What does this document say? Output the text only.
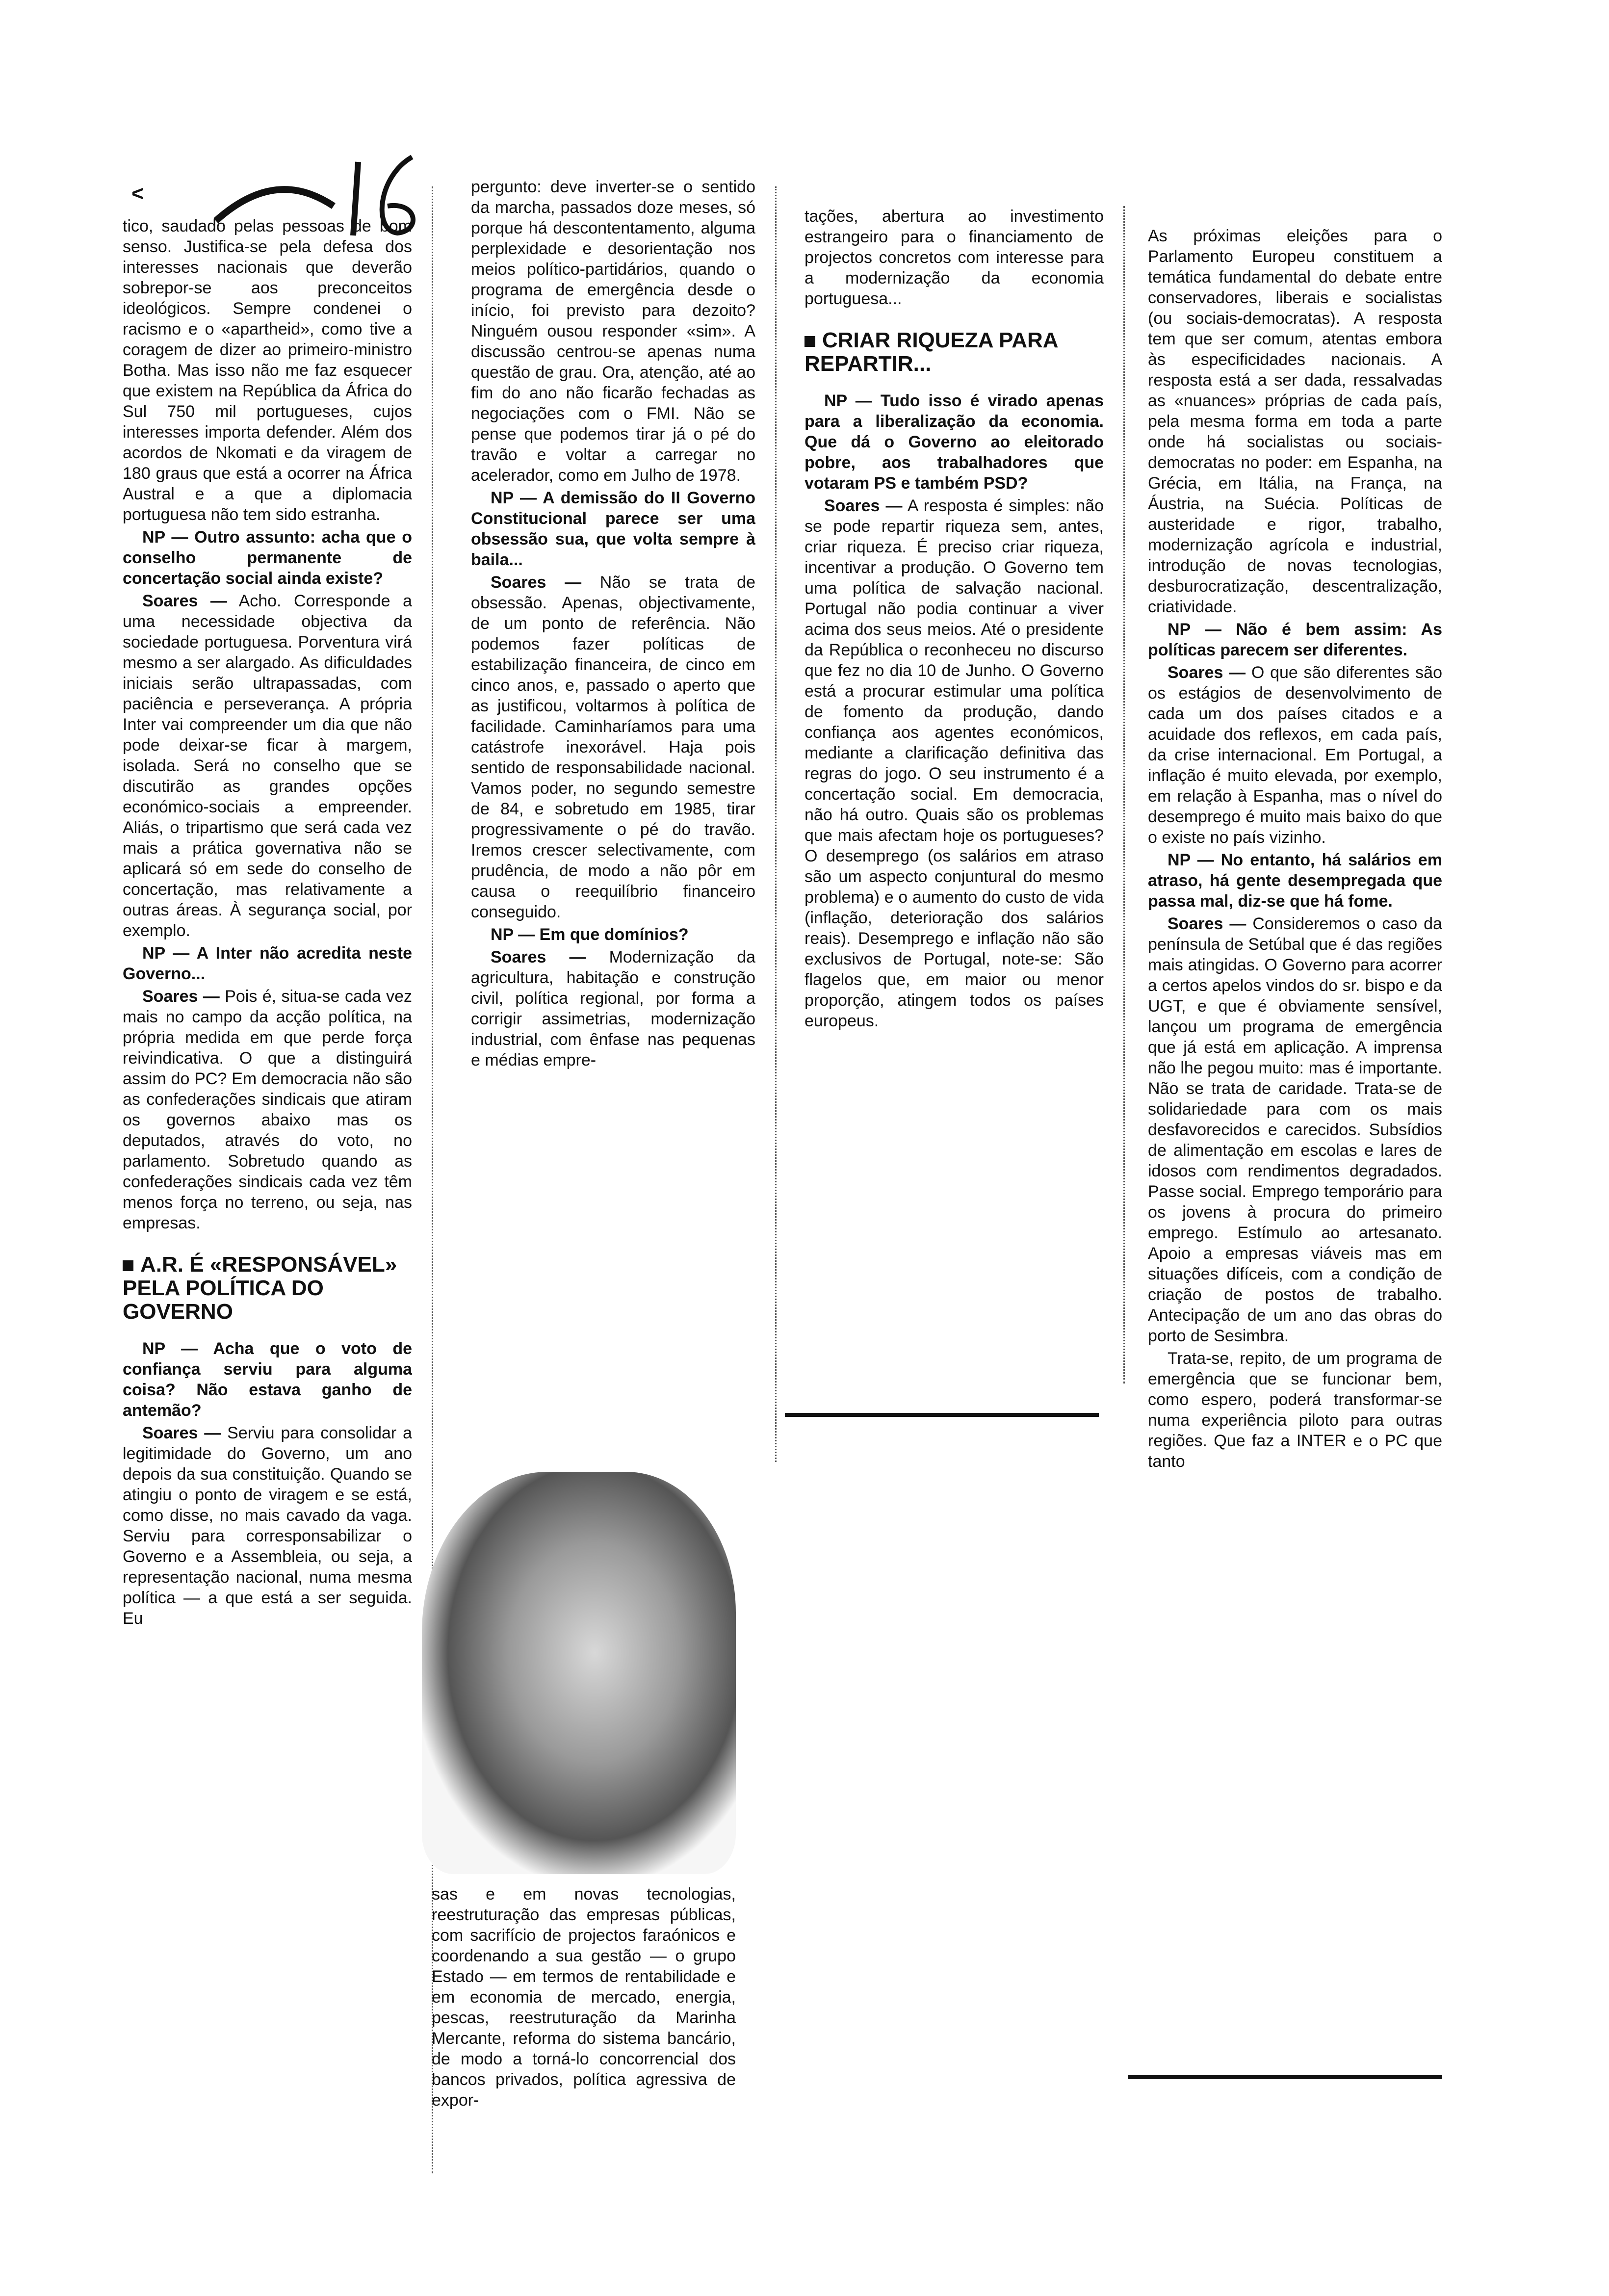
<

tico, saudado pelas pessoas de bom senso. Justifica-se pela defesa dos interesses nacionais que deverão sobrepor-se aos preconceitos ideológicos. Sempre condenei o racismo e o «apartheid», como tive a coragem de dizer ao primeiro-ministro Botha. Mas isso não me faz esquecer que existem na República da África do Sul 750 mil portugueses, cujos interesses importa defender. Além dos acordos de Nkomati e da viragem de 180 graus que está a ocorrer na África Austral e a que a diplomacia portuguesa não tem sido estranha.

NP — Outro assunto: acha que o conselho permanente de concertação social ainda existe?

Soares — Acho. Corresponde a uma necessidade objectiva da sociedade portuguesa. Porventura virá mesmo a ser alargado. As dificuldades iniciais serão ultrapassadas, com paciência e perseverança. A própria Inter vai compreender um dia que não pode deixar-se ficar à margem, isolada. Será no conselho que se discutirão as grandes opções económico-sociais a empreender. Aliás, o tripartismo que será cada vez mais a prática governativa não se aplicará só em sede do conselho de concertação, mas relativamente a outras áreas. À segurança social, por exemplo.

NP — A Inter não acredita neste Governo...

Soares — Pois é, situa-se cada vez mais no campo da acção política, na própria medida em que perde força reivindicativa. O que a distinguirá assim do PC? Em democracia não são as confederações sindicais que atiram os governos abaixo mas os deputados, através do voto, no parlamento. Sobretudo quando as confederações sindicais cada vez têm menos força no terreno, ou seja, nas empresas.

A.R. É «RESPONSÁVEL» PELA POLÍTICA DO GOVERNO

NP — Acha que o voto de confiança serviu para alguma coisa? Não estava ganho de antemão?

Soares — Serviu para consolidar a legitimidade do Governo, um ano depois da sua constituição. Quando se atingiu o ponto de viragem e se está, como disse, no mais cavado da vaga. Serviu para corresponsabilizar o Governo e a Assembleia, ou seja, a representação nacional, numa mesma política — a que está a ser seguida. Eu

pergunto: deve inverter-se o sentido da marcha, passados doze meses, só porque há descontentamento, alguma perplexidade e desorientação nos meios político-partidários, quando o programa de emergência desde o início, foi previsto para dezoito? Ninguém ousou responder «sim». A discussão centrou-se apenas numa questão de grau. Ora, atenção, até ao fim do ano não ficarão fechadas as negociações com o FMI. Não se pense que podemos tirar já o pé do travão e voltar a carregar no acelerador, como em Julho de 1978.

NP — A demissão do II Governo Constitucional parece ser uma obsessão sua, que volta sempre à baila...

Soares — Não se trata de obsessão. Apenas, objectivamente, de um ponto de referência. Não podemos fazer políticas de estabilização financeira, de cinco em cinco anos, e, passado o aperto que as justificou, voltarmos à política de facilidade. Caminharíamos para uma catástrofe inexorável. Haja pois sentido de responsabilidade nacional. Vamos poder, no segundo semestre de 84, e sobretudo em 1985, tirar progressivamente o pé do travão. Iremos crescer selectivamente, com prudência, de modo a não pôr em causa o reequilíbrio financeiro conseguido.

NP — Em que domínios?

Soares — Modernização da agricultura, habitação e construção civil, política regional, por forma a corrigir assimetrias, modernização industrial, com ênfase nas pequenas e médias empre-

sas e em novas tecnologias, reestruturação das empresas públicas, com sacrifício de projectos faraónicos e coordenando a sua gestão — o grupo Estado — em termos de rentabilidade e em economia de mercado, energia, pescas, reestruturação da Marinha Mercante, reforma do sistema bancário, de modo a torná-lo concorrencial dos bancos privados, política agressiva de expor-

tações, abertura ao investimento estrangeiro para o financiamento de projectos concretos com interesse para a modernização da economia portuguesa...

CRIAR RIQUEZA PARA REPARTIR...

NP — Tudo isso é virado apenas para a liberalização da economia. Que dá o Governo ao eleitorado pobre, aos trabalhadores que votaram PS e também PSD?

Soares — A resposta é simples: não se pode repartir riqueza sem, antes, criar riqueza. É preciso criar riqueza, incentivar a produção. O Governo tem uma política de salvação nacional. Portugal não podia continuar a viver acima dos seus meios. Até o presidente da República o reconheceu no discurso que fez no dia 10 de Junho. O Governo está a procurar estimular uma política de fomento da produção, dando confiança aos agentes económicos, mediante a clarificação definitiva das regras do jogo. O seu instrumento é a concertação social. Em democracia, não há outro. Quais são os problemas que mais afectam hoje os portugueses? O desemprego (os salários em atraso são um aspecto conjuntural do mesmo problema) e o aumento do custo de vida (inflação, deterioração dos salários reais). Desemprego e inflação não são exclusivos de Portugal, note-se: São flagelos que, em maior ou menor proporção, atingem todos os países europeus.

As próximas eleições para o Parlamento Europeu constituem a temática fundamental do debate entre conservadores, liberais e socialistas (ou sociais-democratas). A resposta tem que ser comum, atentas embora às especificidades nacionais. A resposta está a ser dada, ressalvadas as «nuances» próprias de cada país, pela mesma forma em toda a parte onde há socialistas ou sociais-democratas no poder: em Espanha, na Grécia, em Itália, na França, na Áustria, na Suécia. Políticas de austeridade e rigor, trabalho, modernização agrícola e industrial, introdução de novas tecnologias, desburocratização, descentralização, criatividade.

NP — Não é bem assim: As políticas parecem ser diferentes.

Soares — O que são diferentes são os estágios de desenvolvimento de cada um dos países citados e a acuidade dos reflexos, em cada país, da crise internacional. Em Portugal, a inflação é muito elevada, por exemplo, em relação à Espanha, mas o nível do desemprego é muito mais baixo do que o existe no país vizinho.

NP — No entanto, há salários em atraso, há gente desempregada que passa mal, diz-se que há fome.

Soares — Consideremos o caso da península de Setúbal que é das regiões mais atingidas. O Governo para acorrer a certos apelos vindos do sr. bispo e da UGT, e que é obviamente sensível, lançou um programa de emergência que já está em aplicação. A imprensa não lhe pegou muito: mas é importante. Não se trata de caridade. Trata-se de solidariedade para com os mais desfavorecidos e carecidos. Subsídios de alimentação em escolas e lares de idosos com rendimentos degradados. Passe social. Emprego temporário para os jovens à procura do primeiro emprego. Estímulo ao artesanato. Apoio a empresas viáveis mas em situações difíceis, com a condição de criação de postos de trabalho. Antecipação de um ano das obras do porto de Sesimbra.

Trata-se, repito, de um programa de emergência que se funcionar bem, como espero, poderá transformar-se numa experiência piloto para outras regiões. Que faz a INTER e o PC que tanto
